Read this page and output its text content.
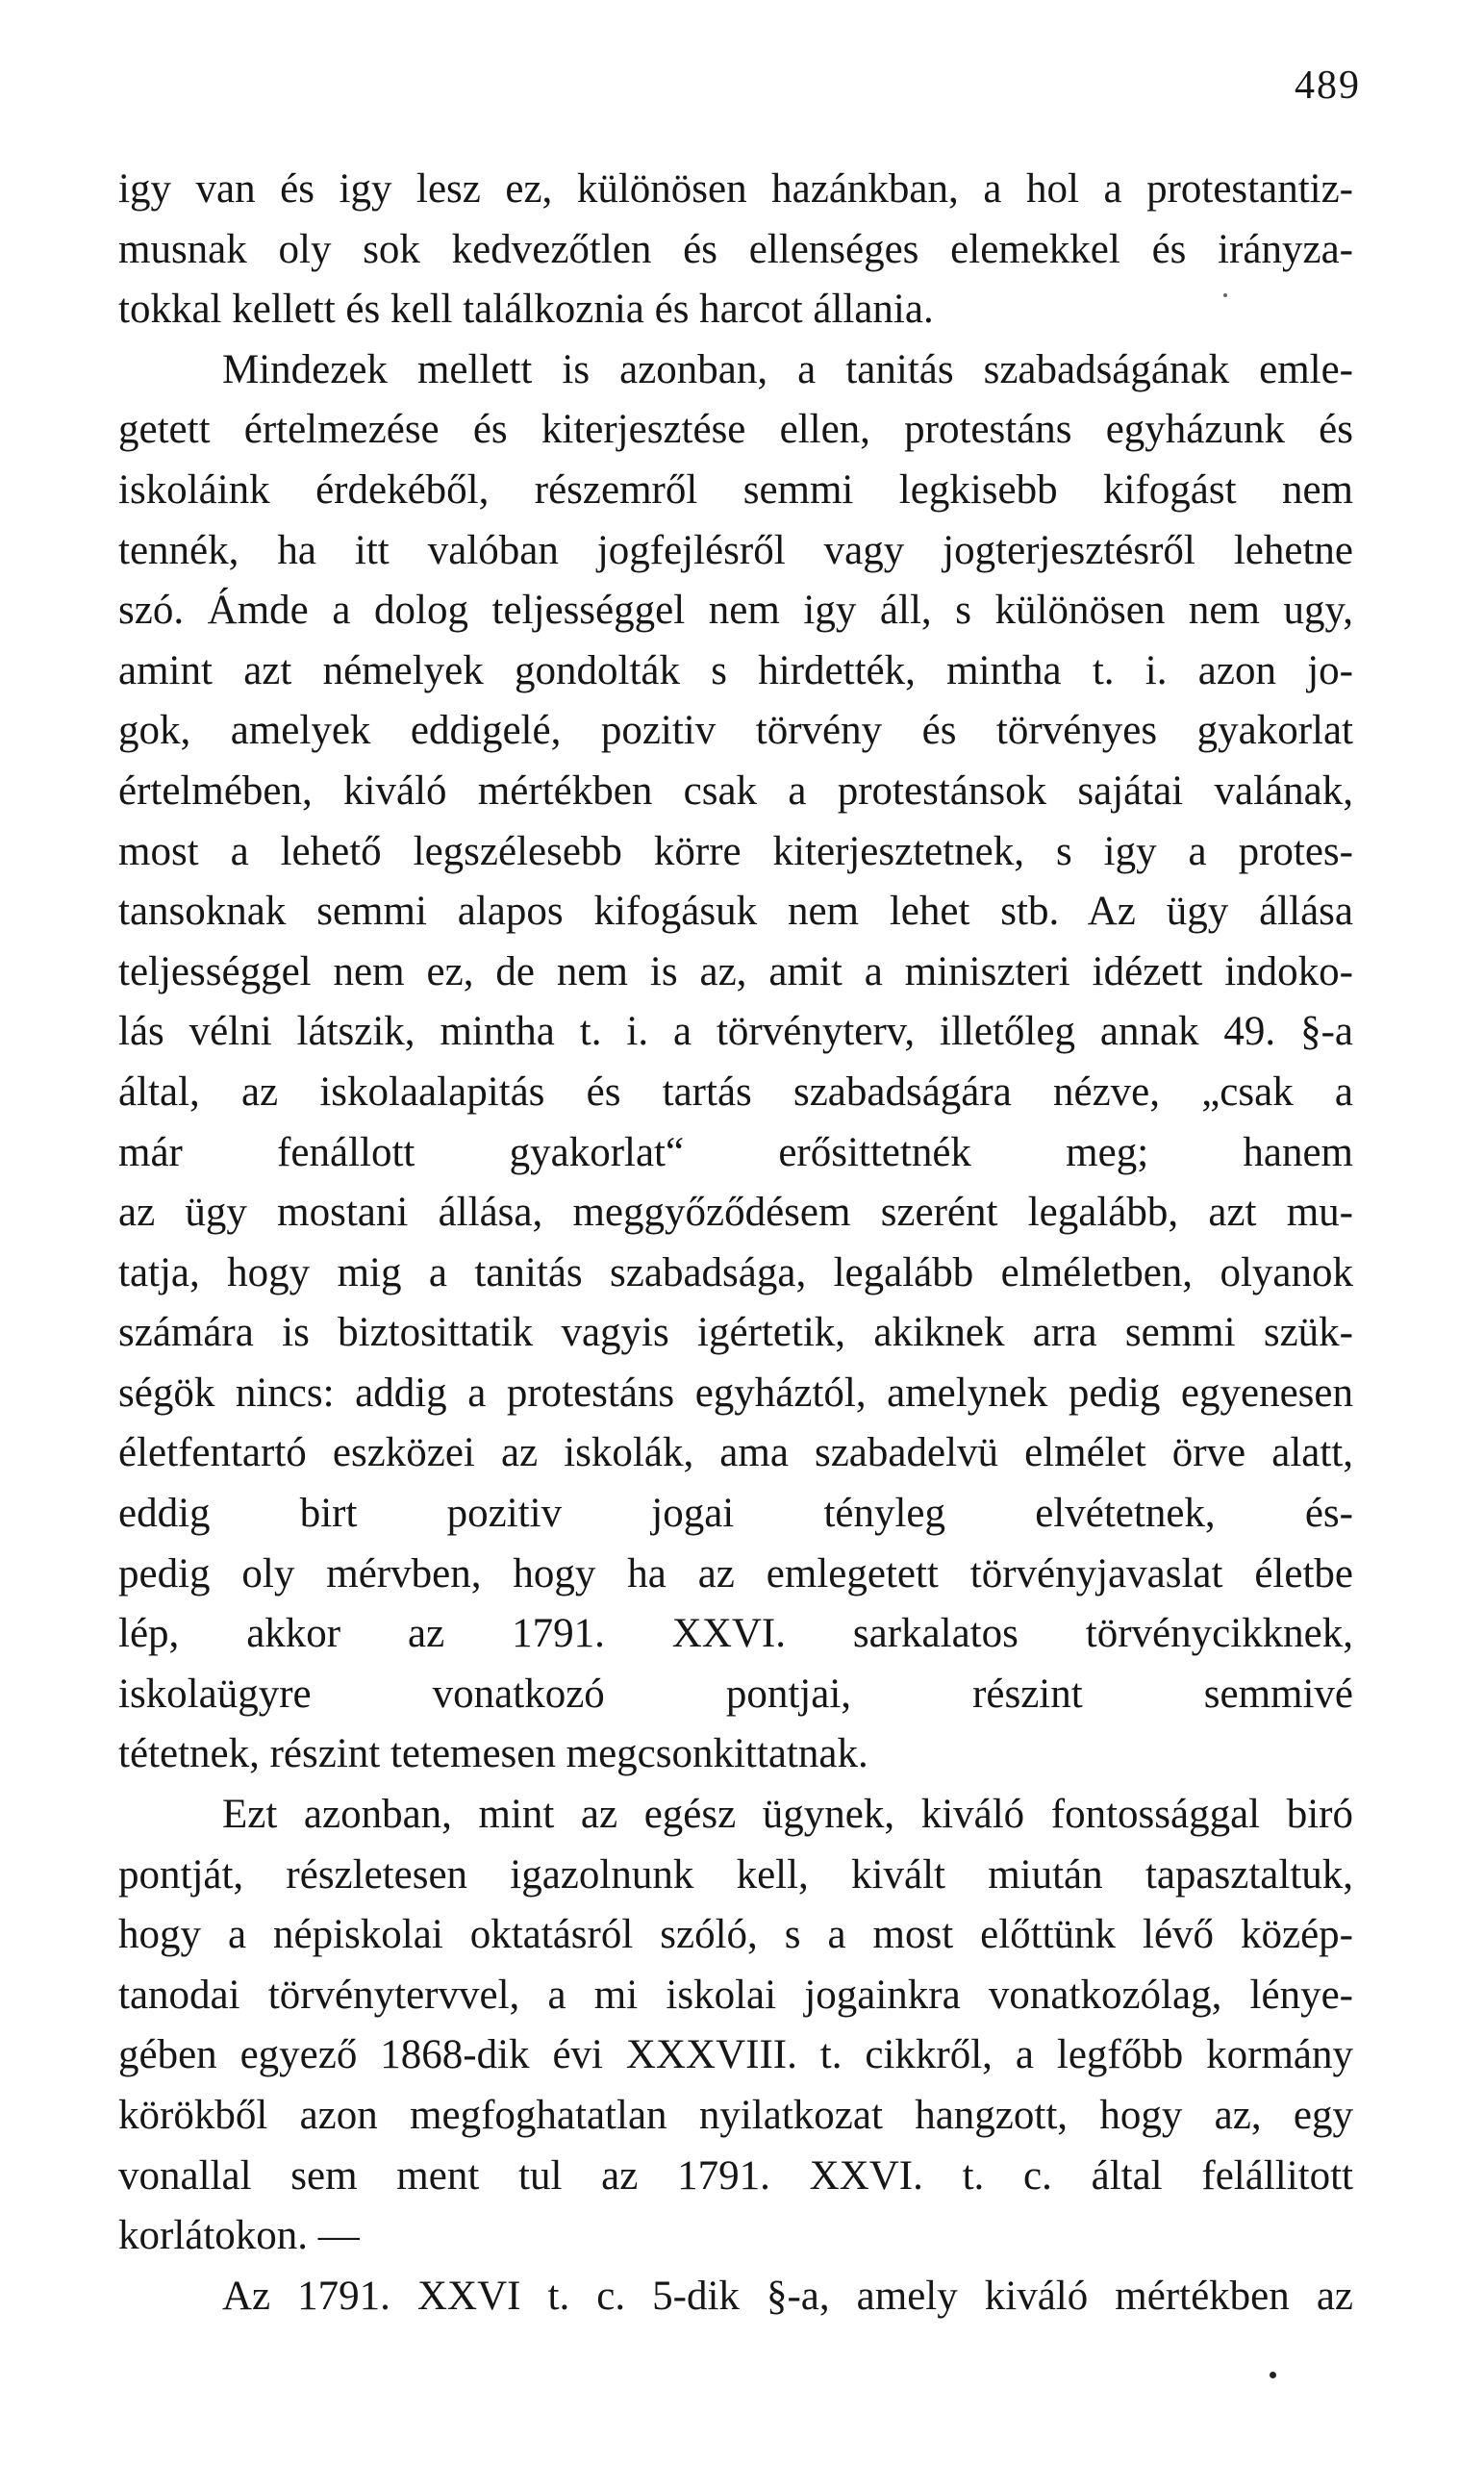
489
igy van és igy lesz ez, különösen hazánkban, a hol a protestantiz-
musnak oly sok kedvezőtlen és ellenséges elemekkel és irányza-
tokkal kellett és kell találkoznia és harcot állania.
Mindezek mellett is azonban, a tanitás szabadságának emle-
getett értelmezése és kiterjesztése ellen, protestáns egyházunk és
iskoláink érdekéből, részemről semmi legkisebb kifogást nem
tennék, ha itt valóban jogfejlésről vagy jogterjesztésről lehetne
szó. Ámde a dolog teljességgel nem igy áll, s különösen nem ugy,
amint azt némelyek gondolták s hirdették, mintha t. i. azon jo-
gok, amelyek eddigelé, pozitiv törvény és törvényes gyakorlat
értelmében, kiváló mértékben csak a protestánsok sajátai valának,
most a lehető legszélesebb körre kiterjesztetnek, s igy a protes-
tansoknak semmi alapos kifogásuk nem lehet stb. Az ügy állása
teljességgel nem ez, de nem is az, amit a miniszteri idézett indoko-
lás vélni látszik, mintha t. i. a törvényterv, illetőleg annak 49. §-a
által, az iskolaalapitás és tartás szabadságára nézve, „csak a
már fenállott gyakorlat“ erősittetnék meg; hanem
az ügy mostani állása, meggyőződésem szerént legalább, azt mu-
tatja, hogy mig a tanitás szabadsága, legalább elméletben, olyanok
számára is biztosittatik vagyis igértetik, akiknek arra semmi szük-
ségök nincs: addig a protestáns egyháztól, amelynek pedig egyenesen
életfentartó eszközei az iskolák, ama szabadelvü elmélet örve alatt,
eddig birt pozitiv jogai tényleg elvétetnek, és-
pedig oly mérvben, hogy ha az emlegetett törvényjavaslat életbe
lép, akkor az 1791. XXVI. sarkalatos törvénycikknek,
iskolaügyre vonatkozó pontjai, részint semmivé
tétetnek, részint tetemesen megcsonkittatnak.
Ezt azonban, mint az egész ügynek, kiváló fontossággal biró
pontját, részletesen igazolnunk kell, kivált miután tapasztaltuk,
hogy a népiskolai oktatásról szóló, s a most előttünk lévő közép-
tanodai törvénytervvel, a mi iskolai jogainkra vonatkozólag, lénye-
gében egyező 1868-dik évi XXXVIII. t. cikkről, a legfőbb kormány
körökből azon megfoghatatlan nyilatkozat hangzott, hogy az, egy
vonallal sem ment tul az 1791. XXVI. t. c. által felállitott
korlátokon. —
Az 1791. XXVI t. c. 5-dik §-a, amely kiváló mértékben az
